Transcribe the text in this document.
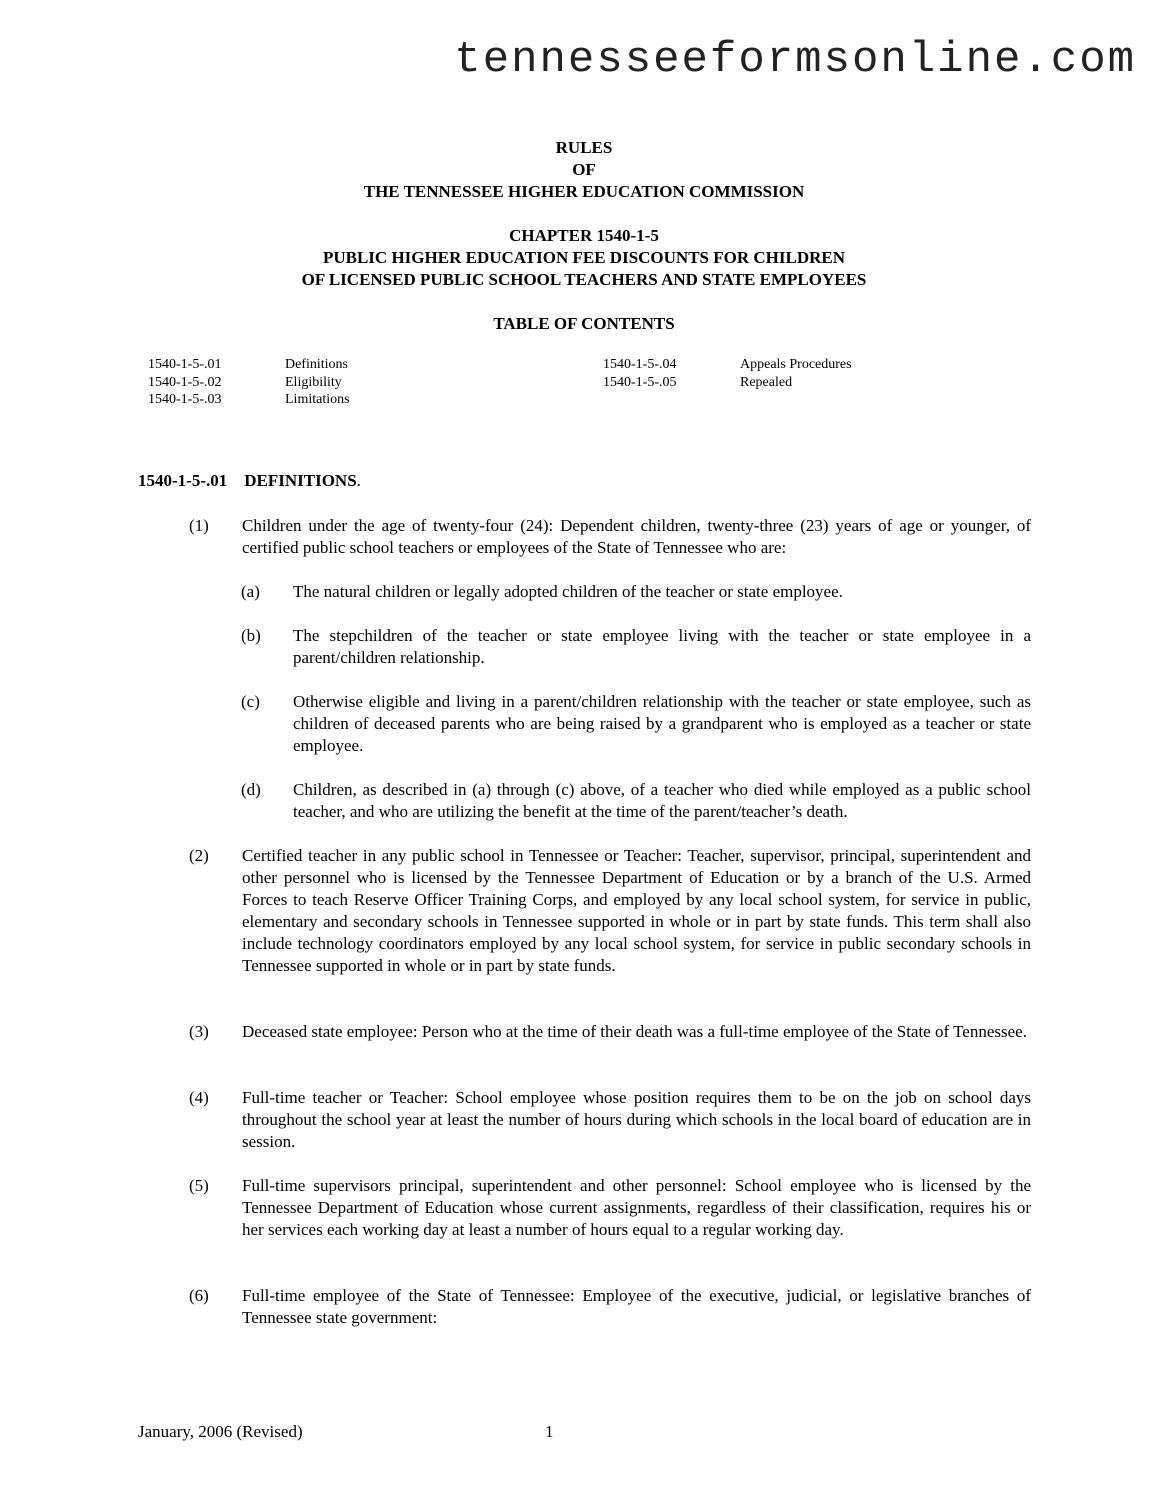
tennesseeformsonline.com
RULES
OF
THE TENNESSEE HIGHER EDUCATION COMMISSION
CHAPTER 1540-1-5
PUBLIC HIGHER EDUCATION FEE DISCOUNTS FOR CHILDREN
OF LICENSED PUBLIC SCHOOL TEACHERS AND STATE EMPLOYEES
TABLE OF CONTENTS
1540-1-5-.01	Definitions
1540-1-5-.02	Eligibility
1540-1-5-.03	Limitations
1540-1-5-.04	Appeals Procedures
1540-1-5-.05	Repealed
1540-1-5-.01 DEFINITIONS.
(1) Children under the age of twenty-four (24): Dependent children, twenty-three (23) years of age or younger, of certified public school teachers or employees of the State of Tennessee who are:
(a) The natural children or legally adopted children of the teacher or state employee.
(b) The stepchildren of the teacher or state employee living with the teacher or state employee in a parent/children relationship.
(c) Otherwise eligible and living in a parent/children relationship with the teacher or state employee, such as children of deceased parents who are being raised by a grandparent who is employed as a teacher or state employee.
(d) Children, as described in (a) through (c) above, of a teacher who died while employed as a public school teacher, and who are utilizing the benefit at the time of the parent/teacher’s death.
(2) Certified teacher in any public school in Tennessee or Teacher: Teacher, supervisor, principal, superintendent and other personnel who is licensed by the Tennessee Department of Education or by a branch of the U.S. Armed Forces to teach Reserve Officer Training Corps, and employed by any local school system, for service in public, elementary and secondary schools in Tennessee supported in whole or in part by state funds. This term shall also include technology coordinators employed by any local school system, for service in public secondary schools in Tennessee supported in whole or in part by state funds.
(3) Deceased state employee: Person who at the time of their death was a full-time employee of the State of Tennessee.
(4) Full-time teacher or Teacher: School employee whose position requires them to be on the job on school days throughout the school year at least the number of hours during which schools in the local board of education are in session.
(5) Full-time supervisors principal, superintendent and other personnel: School employee who is licensed by the Tennessee Department of Education whose current assignments, regardless of their classification, requires his or her services each working day at least a number of hours equal to a regular working day.
(6) Full-time employee of the State of Tennessee: Employee of the executive, judicial, or legislative branches of Tennessee state government:
January, 2006 (Revised)	1
